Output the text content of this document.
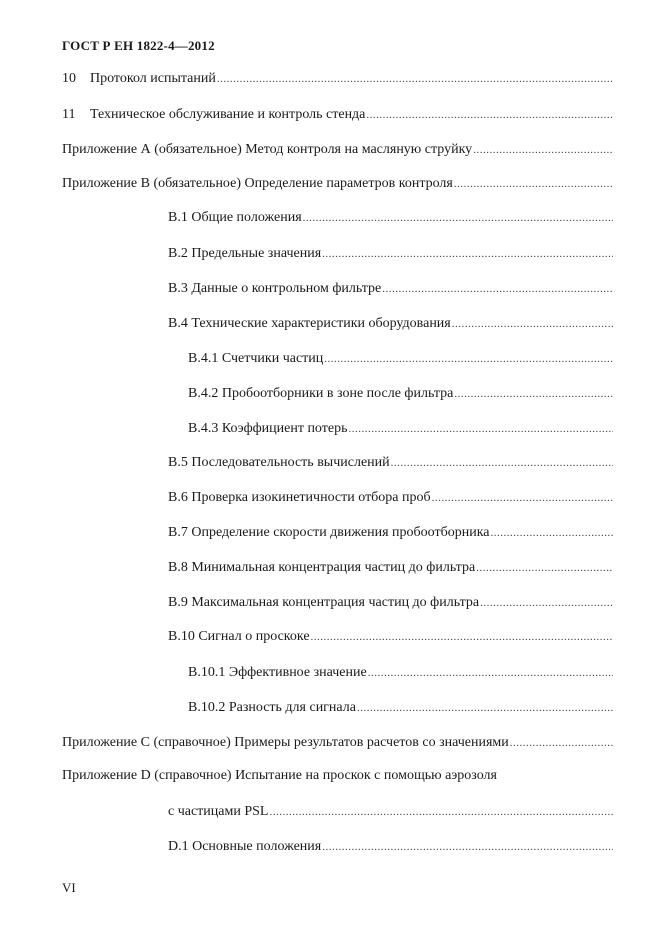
ГОСТ Р ЕН 1822-4—2012
10 Протокол испытаний
.....
11 Техническое обслуживание и контроль стенда
.....
Приложение А (обязательное) Метод контроля на масляную струйку
.....
Приложение В (обязательное) Определение параметров контроля
.....
В.1 Общие положения
.....
В.2 Предельные значения
.....
В.3 Данные о контрольном фильтре
.....
В.4 Технические характеристики оборудования
.....
В.4.1 Счетчики частиц
.....
В.4.2 Пробоотборники в зоне после фильтра
.....
В.4.3 Коэффициент потерь
.....
В.5 Последовательность вычислений
.....
В.6 Проверка изокинетичности отбора проб
.....
В.7 Определение скорости движения пробоотборника
.....
В.8 Минимальная концентрация частиц до фильтра
.....
В.9 Максимальная концентрация частиц до фильтра
.....
В.10 Сигнал о проскоке
.....
В.10.1 Эффективное значение
.....
В.10.2 Разность для сигнала
.....
Приложение С (справочное) Примеры результатов расчетов со значениями
.....
Приложение D (справочное) Испытание на проскок с помощью аэрозоля
с частицами PSL
.....
D.1 Основные положения
.....
VI
